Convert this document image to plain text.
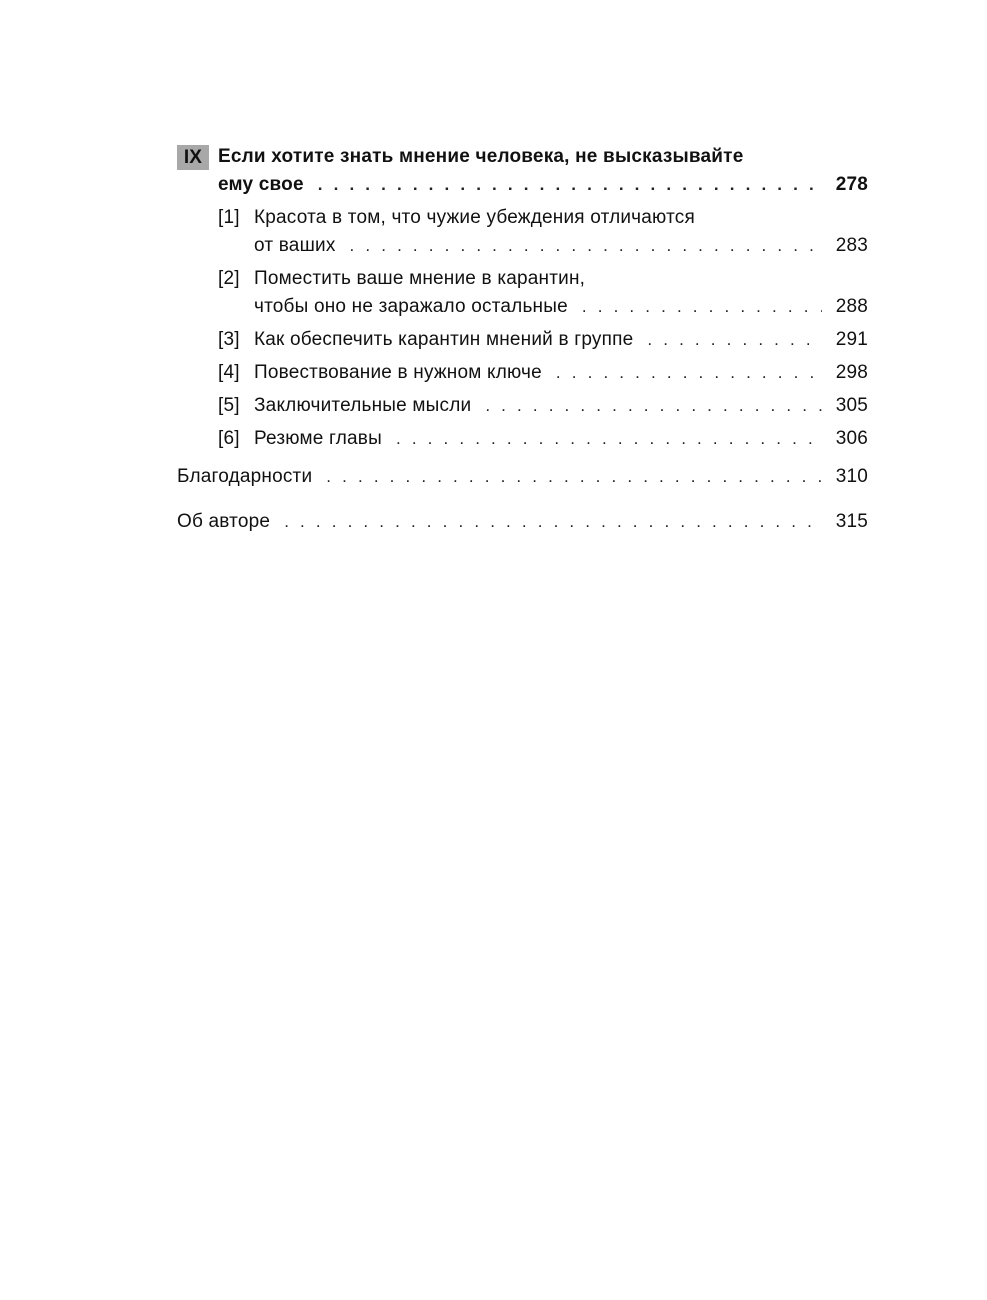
IX Если хотите знать мнение человека, не высказывайте
ему свое . . .	278
[1] Красота в том, что чужие убеждения отличаются
от ваших . . .	283
[2] Поместить ваше мнение в карантин,
чтобы оно не заражало остальные . . .	288
[3] Как обеспечить карантин мнений в группе . . .	291
[4] Повествование в нужном ключе . . .	298
[5] Заключительные мысли . . .	305
[6] Резюме главы . . .	306
Благодарности . . .	310
Об авторе . . .	315
